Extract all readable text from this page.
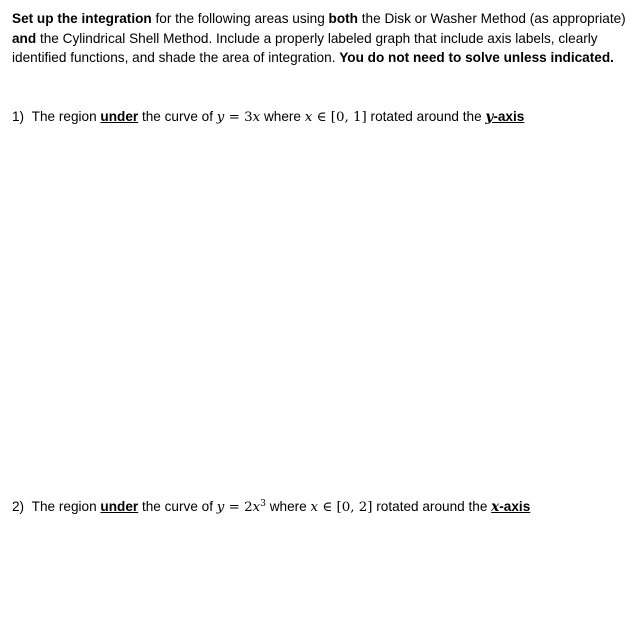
Set up the integration for the following areas using both the Disk or Washer Method (as appropriate) and the Cylindrical Shell Method. Include a properly labeled graph that include axis labels, clearly identified functions, and shade the area of integration. You do not need to solve unless indicated.
1) The region under the curve of y = 3x where x ∈ [0, 1] rotated around the y-axis
2) The region under the curve of $y = 2x^3$ where x ∈ [0, 2] rotated around the x-axis
